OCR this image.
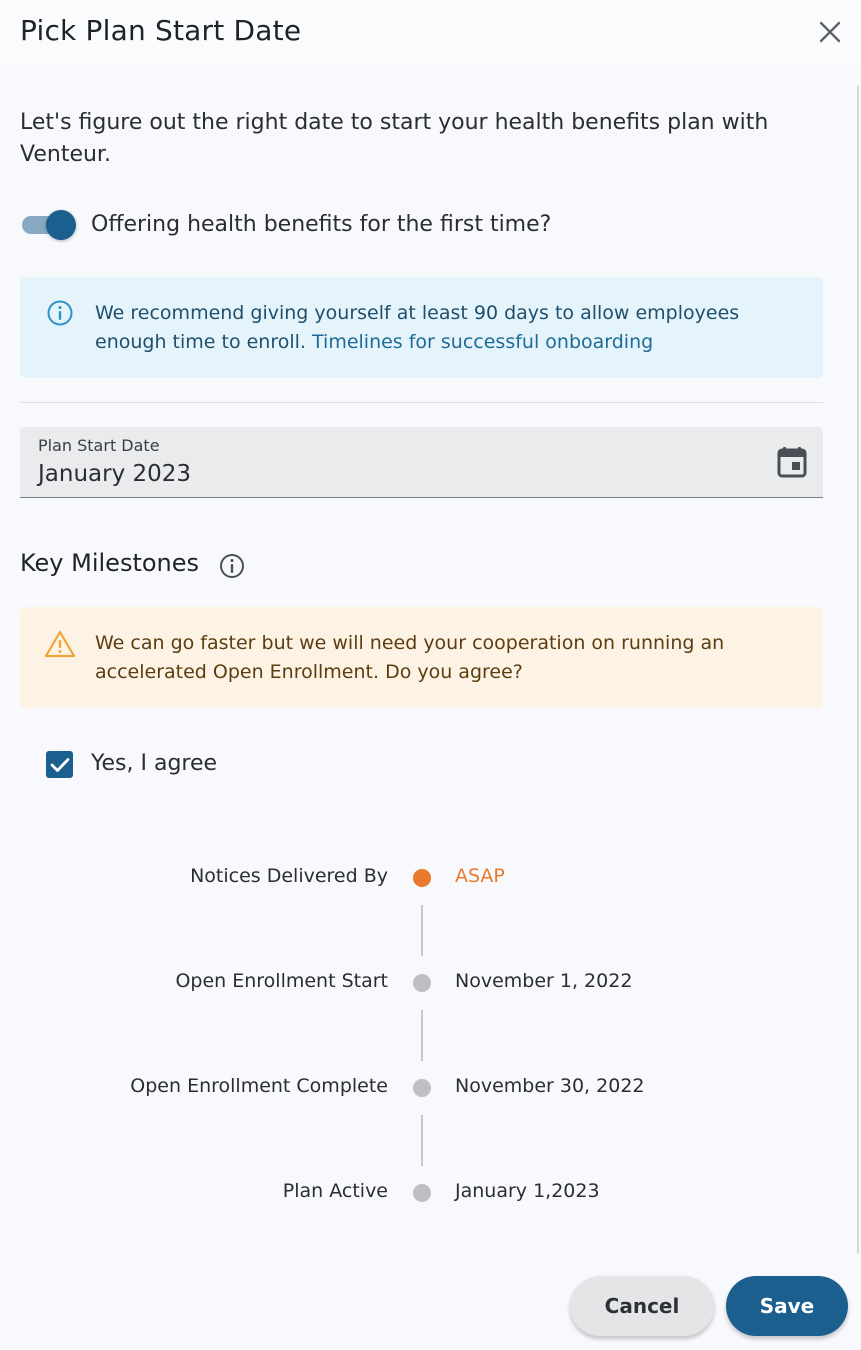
Pick Plan Start Date
Let's figure out the right date to start your health benefits plan with Venteur.
Offering health benefits for the first time?
We recommend giving yourself at least 90 days to allow employees enough time to enroll. Timelines for successful onboarding
Plan Start Date
January 2023
Key Milestones
We can go faster but we will need your cooperation on running an accelerated Open Enrollment. Do you agree?
Yes, I agree
Notices Delivered By	ASAP
Open Enrollment Start	November 1, 2022
Open Enrollment Complete	November 30, 2022
Plan Active	January 1,2023
Cancel	Save
